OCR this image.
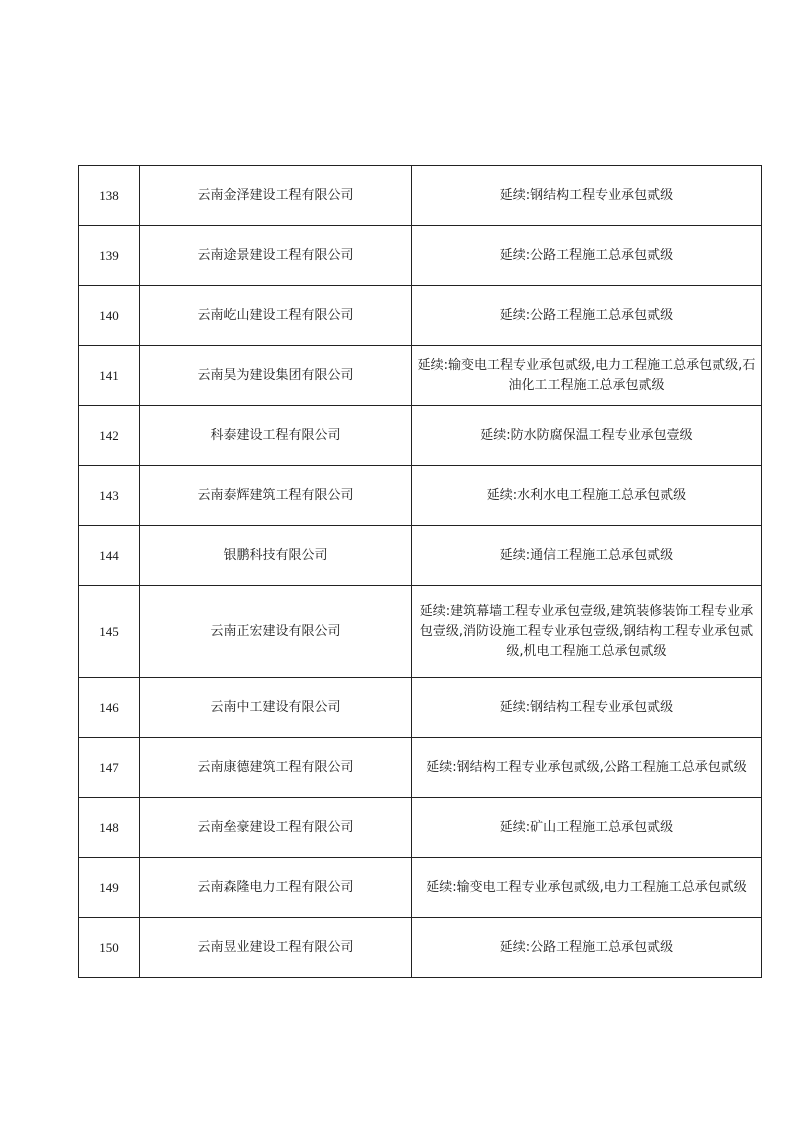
138	云南金泽建设工程有限公司	延续:钢结构工程专业承包贰级
139	云南途景建设工程有限公司	延续:公路工程施工总承包贰级
140	云南屹山建设工程有限公司	延续:公路工程施工总承包贰级
141	云南昊为建设集团有限公司	延续:输变电工程专业承包贰级,电力工程施工总承包贰级,石油化工工程施工总承包贰级
142	科泰建设工程有限公司	延续:防水防腐保温工程专业承包壹级
143	云南泰辉建筑工程有限公司	延续:水利水电工程施工总承包贰级
144	银鹏科技有限公司	延续:通信工程施工总承包贰级
145	云南正宏建设有限公司	延续:建筑幕墙工程专业承包壹级,建筑装修装饰工程专业承包壹级,消防设施工程专业承包壹级,钢结构工程专业承包贰级,机电工程施工总承包贰级
146	云南中工建设有限公司	延续:钢结构工程专业承包贰级
147	云南康德建筑工程有限公司	延续:钢结构工程专业承包贰级,公路工程施工总承包贰级
148	云南垒豪建设工程有限公司	延续:矿山工程施工总承包贰级
149	云南森隆电力工程有限公司	延续:输变电工程专业承包贰级,电力工程施工总承包贰级
150	云南昱业建设工程有限公司	延续:公路工程施工总承包贰级
